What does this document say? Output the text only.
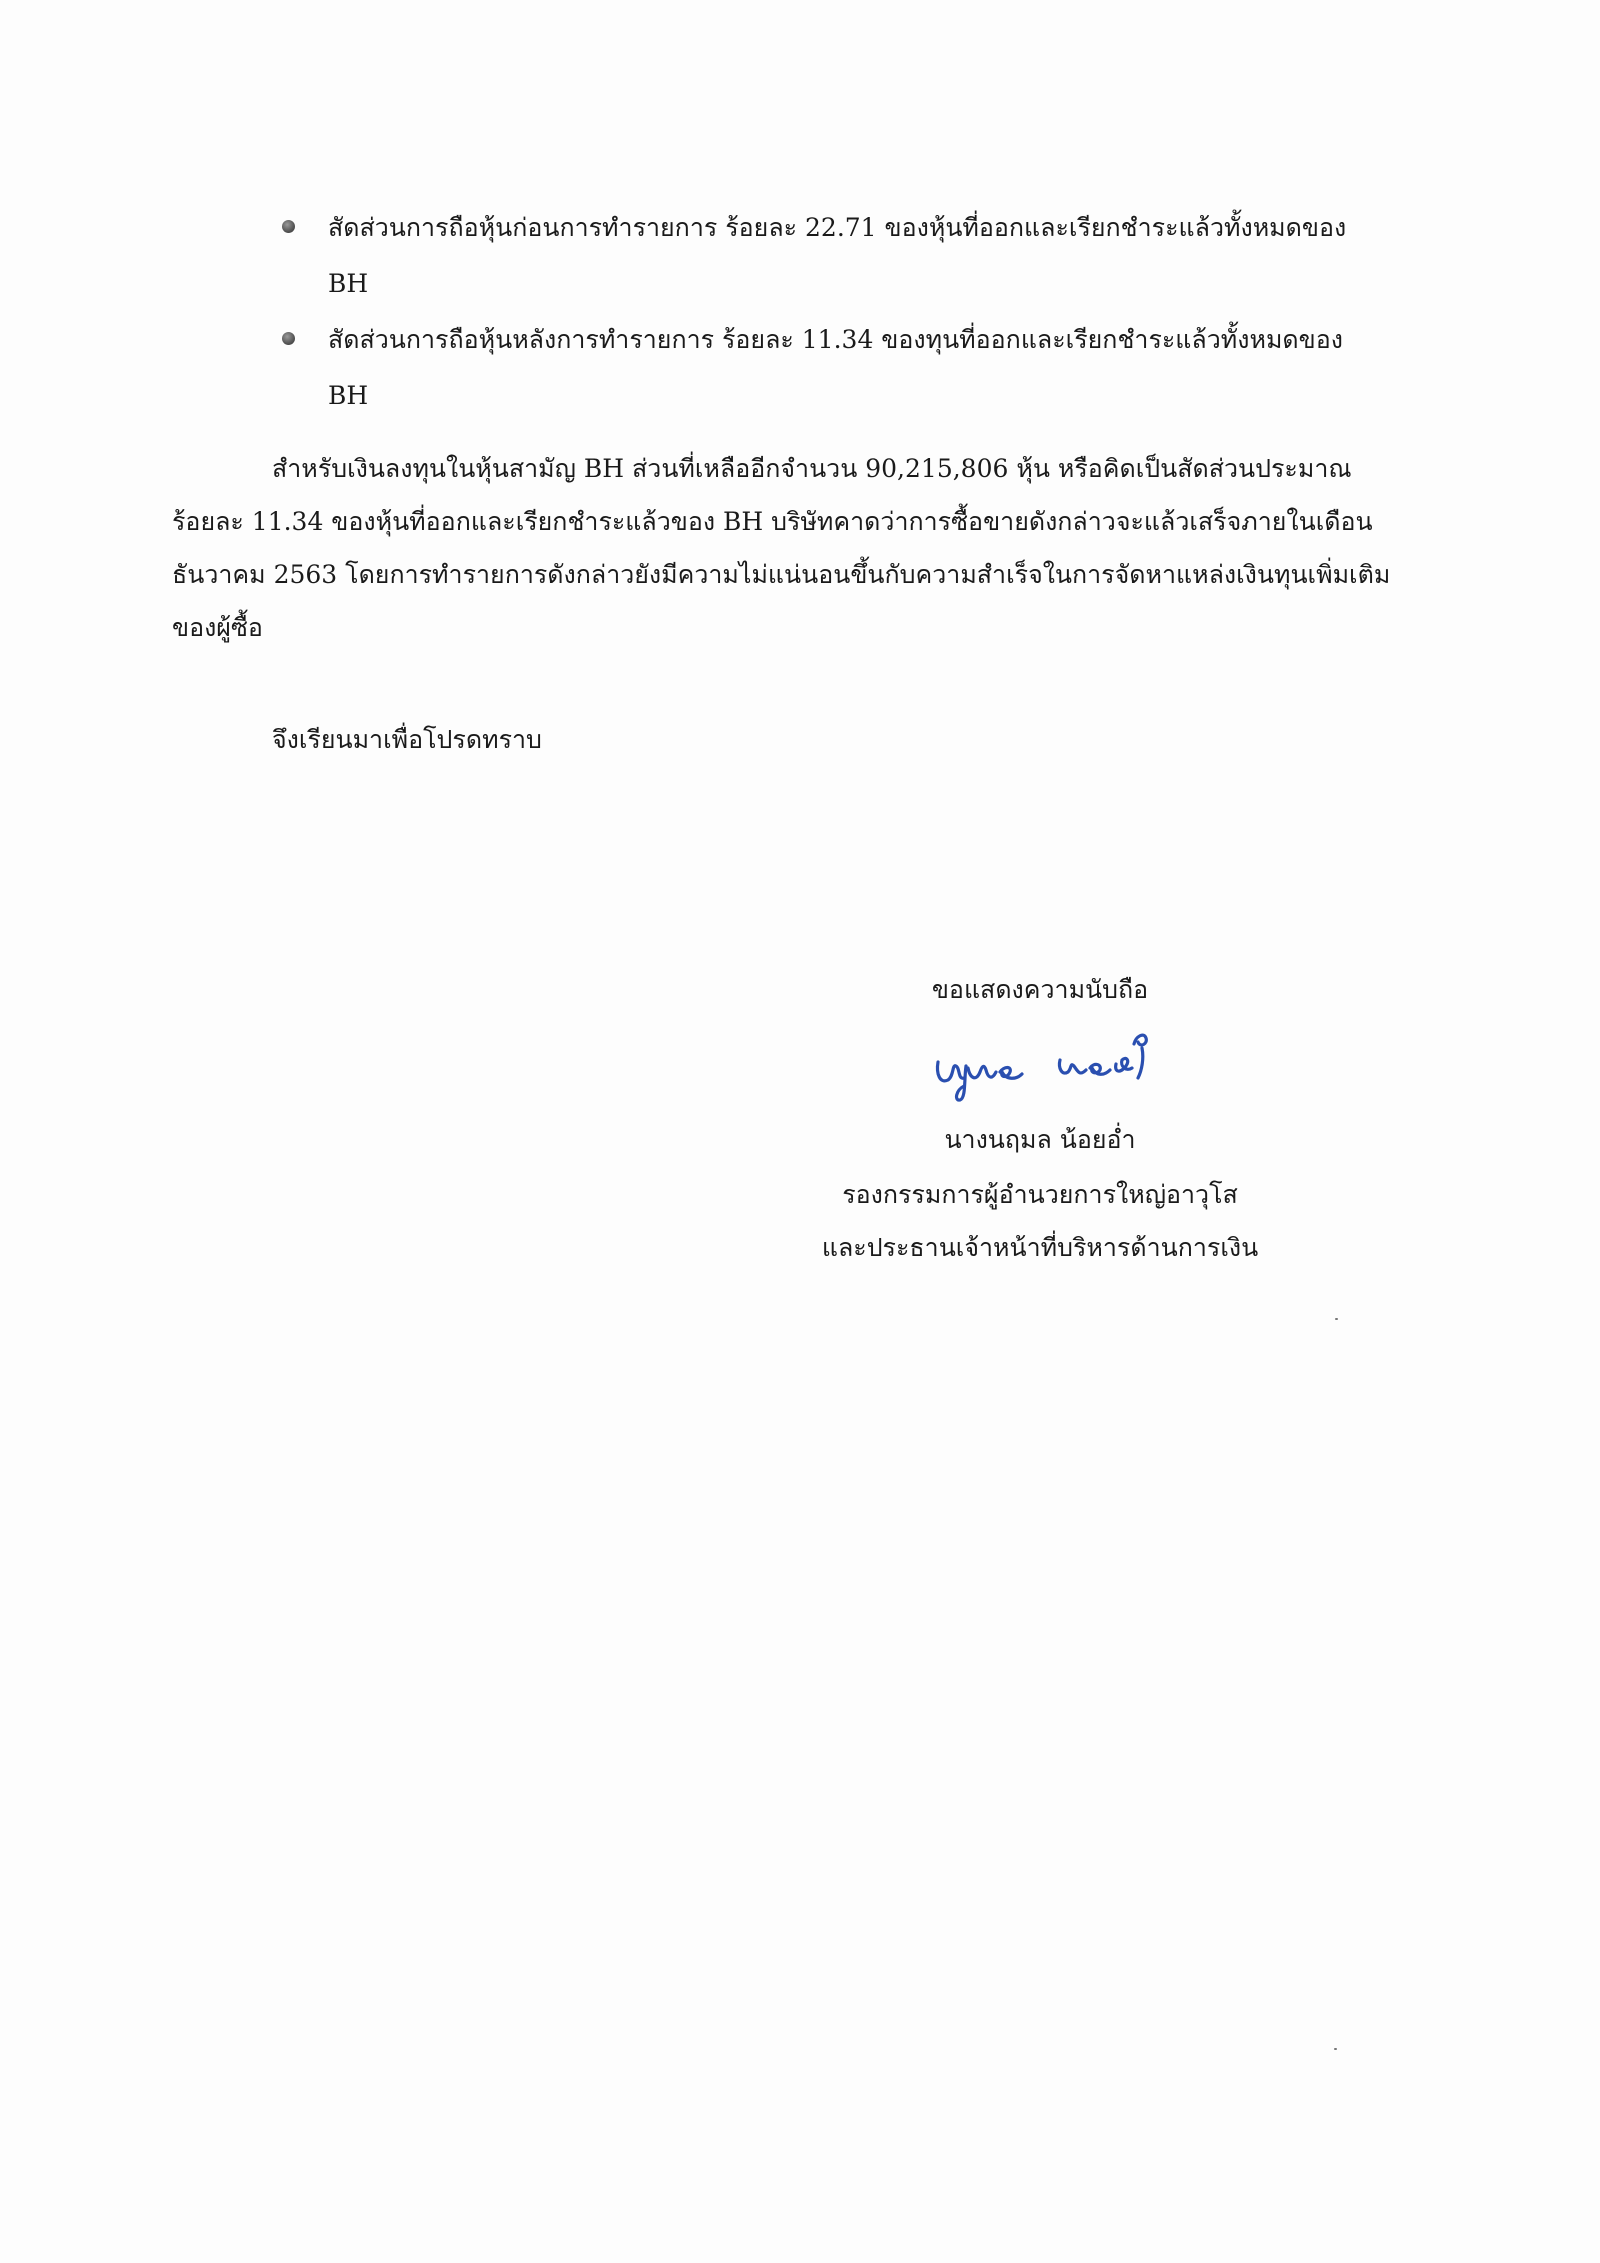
สัดส่วนการถือหุ้นก่อนการทำรายการ ร้อยละ 22.71 ของหุ้นที่ออกและเรียกชำระแล้วทั้งหมดของ
BH
สัดส่วนการถือหุ้นหลังการทำรายการ ร้อยละ 11.34 ของทุนที่ออกและเรียกชำระแล้วทั้งหมดของ
BH
สำหรับเงินลงทุนในหุ้นสามัญ BH ส่วนที่เหลืออีกจำนวน 90,215,806 หุ้น หรือคิดเป็นสัดส่วนประมาณ
ร้อยละ 11.34 ของหุ้นที่ออกและเรียกชำระแล้วของ BH บริษัทคาดว่าการซื้อขายดังกล่าวจะแล้วเสร็จภายในเดือน
ธันวาคม 2563 โดยการทำรายการดังกล่าวยังมีความไม่แน่นอนขึ้นกับความสำเร็จในการจัดหาแหล่งเงินทุนเพิ่มเติม
ของผู้ซื้อ
จึงเรียนมาเพื่อโปรดทราบ
ขอแสดงความนับถือ
นางนฤมล น้อยอ่ำ
รองกรรมการผู้อำนวยการใหญ่อาวุโส
และประธานเจ้าหน้าที่บริหารด้านการเงิน
